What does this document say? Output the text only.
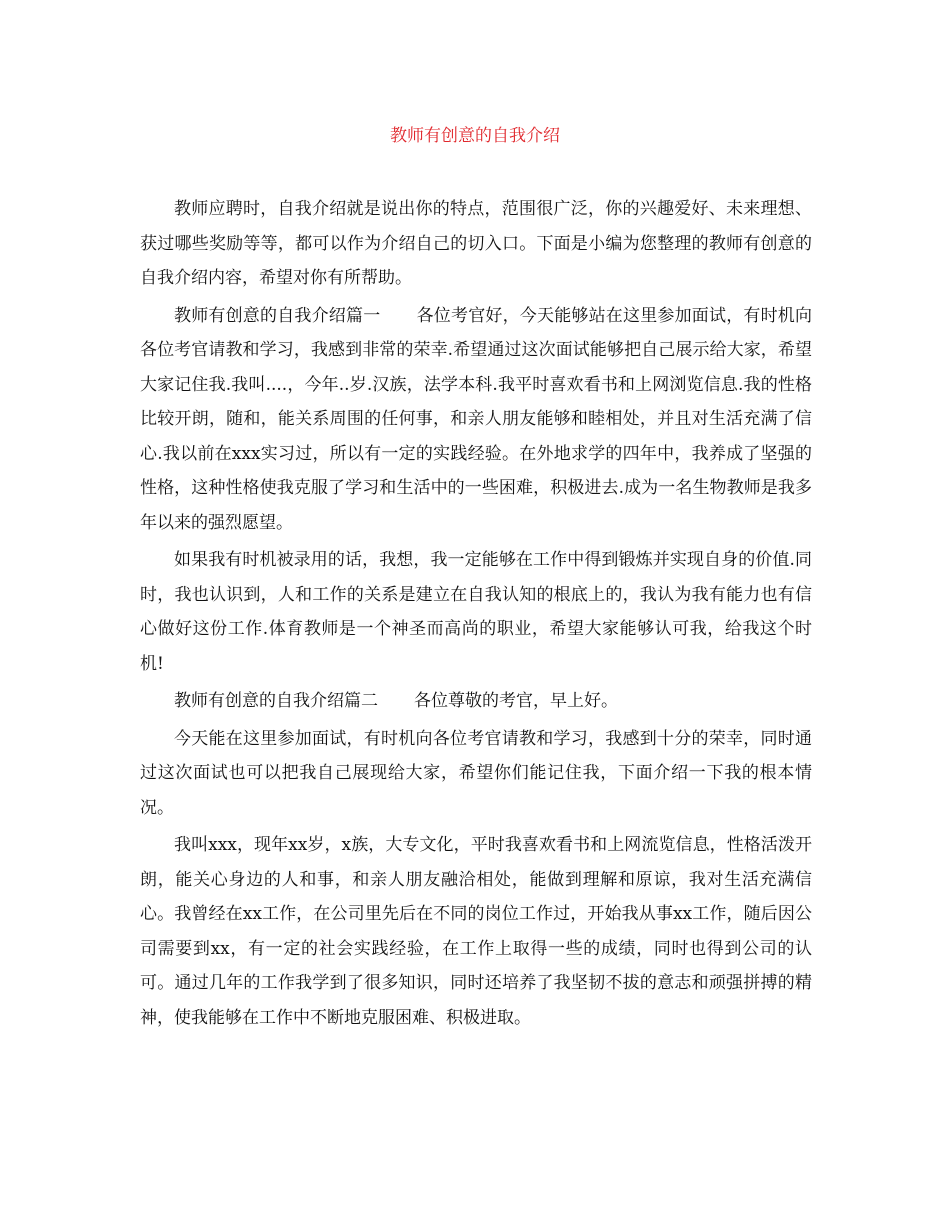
教师有创意的自我介绍

教师应聘时，自我介绍就是说出你的特点，范围很广泛，你的兴趣爱好、未来理想、获过哪些奖励等等，都可以作为介绍自己的切入口。下面是小编为您整理的教师有创意的自我介绍内容，希望对你有所帮助。

教师有创意的自我介绍篇一 各位考官好，今天能够站在这里参加面试，有时机向各位考官请教和学习，我感到非常的荣幸.希望通过这次面试能够把自己展示给大家，希望大家记住我.我叫....，今年..岁.汉族，法学本科.我平时喜欢看书和上网浏览信息.我的性格比较开朗，随和，能关系周围的任何事，和亲人朋友能够和睦相处，并且对生活充满了信心.我以前在xxx实习过，所以有一定的实践经验。在外地求学的四年中，我养成了坚强的性格，这种性格使我克服了学习和生活中的一些困难，积极进去.成为一名生物教师是我多年以来的强烈愿望。

如果我有时机被录用的话，我想，我一定能够在工作中得到锻炼并实现自身的价值.同时，我也认识到，人和工作的关系是建立在自我认知的根底上的，我认为我有能力也有信心做好这份工作.体育教师是一个神圣而高尚的职业，希望大家能够认可我，给我这个时机!

教师有创意的自我介绍篇二 各位尊敬的考官，早上好。

今天能在这里参加面试，有时机向各位考官请教和学习，我感到十分的荣幸，同时通过这次面试也可以把我自己展现给大家，希望你们能记住我，下面介绍一下我的根本情况。

我叫xxx，现年xx岁，x族，大专文化，平时我喜欢看书和上网流览信息，性格活泼开朗，能关心身边的人和事，和亲人朋友融洽相处，能做到理解和原谅，我对生活充满信心。我曾经在xx工作，在公司里先后在不同的岗位工作过，开始我从事xx工作，随后因公司需要到xx，有一定的社会实践经验，在工作上取得一些的成绩，同时也得到公司的认可。通过几年的工作我学到了很多知识，同时还培养了我坚韧不拔的意志和顽强拼搏的精神，使我能够在工作中不断地克服困难、积极进取。
